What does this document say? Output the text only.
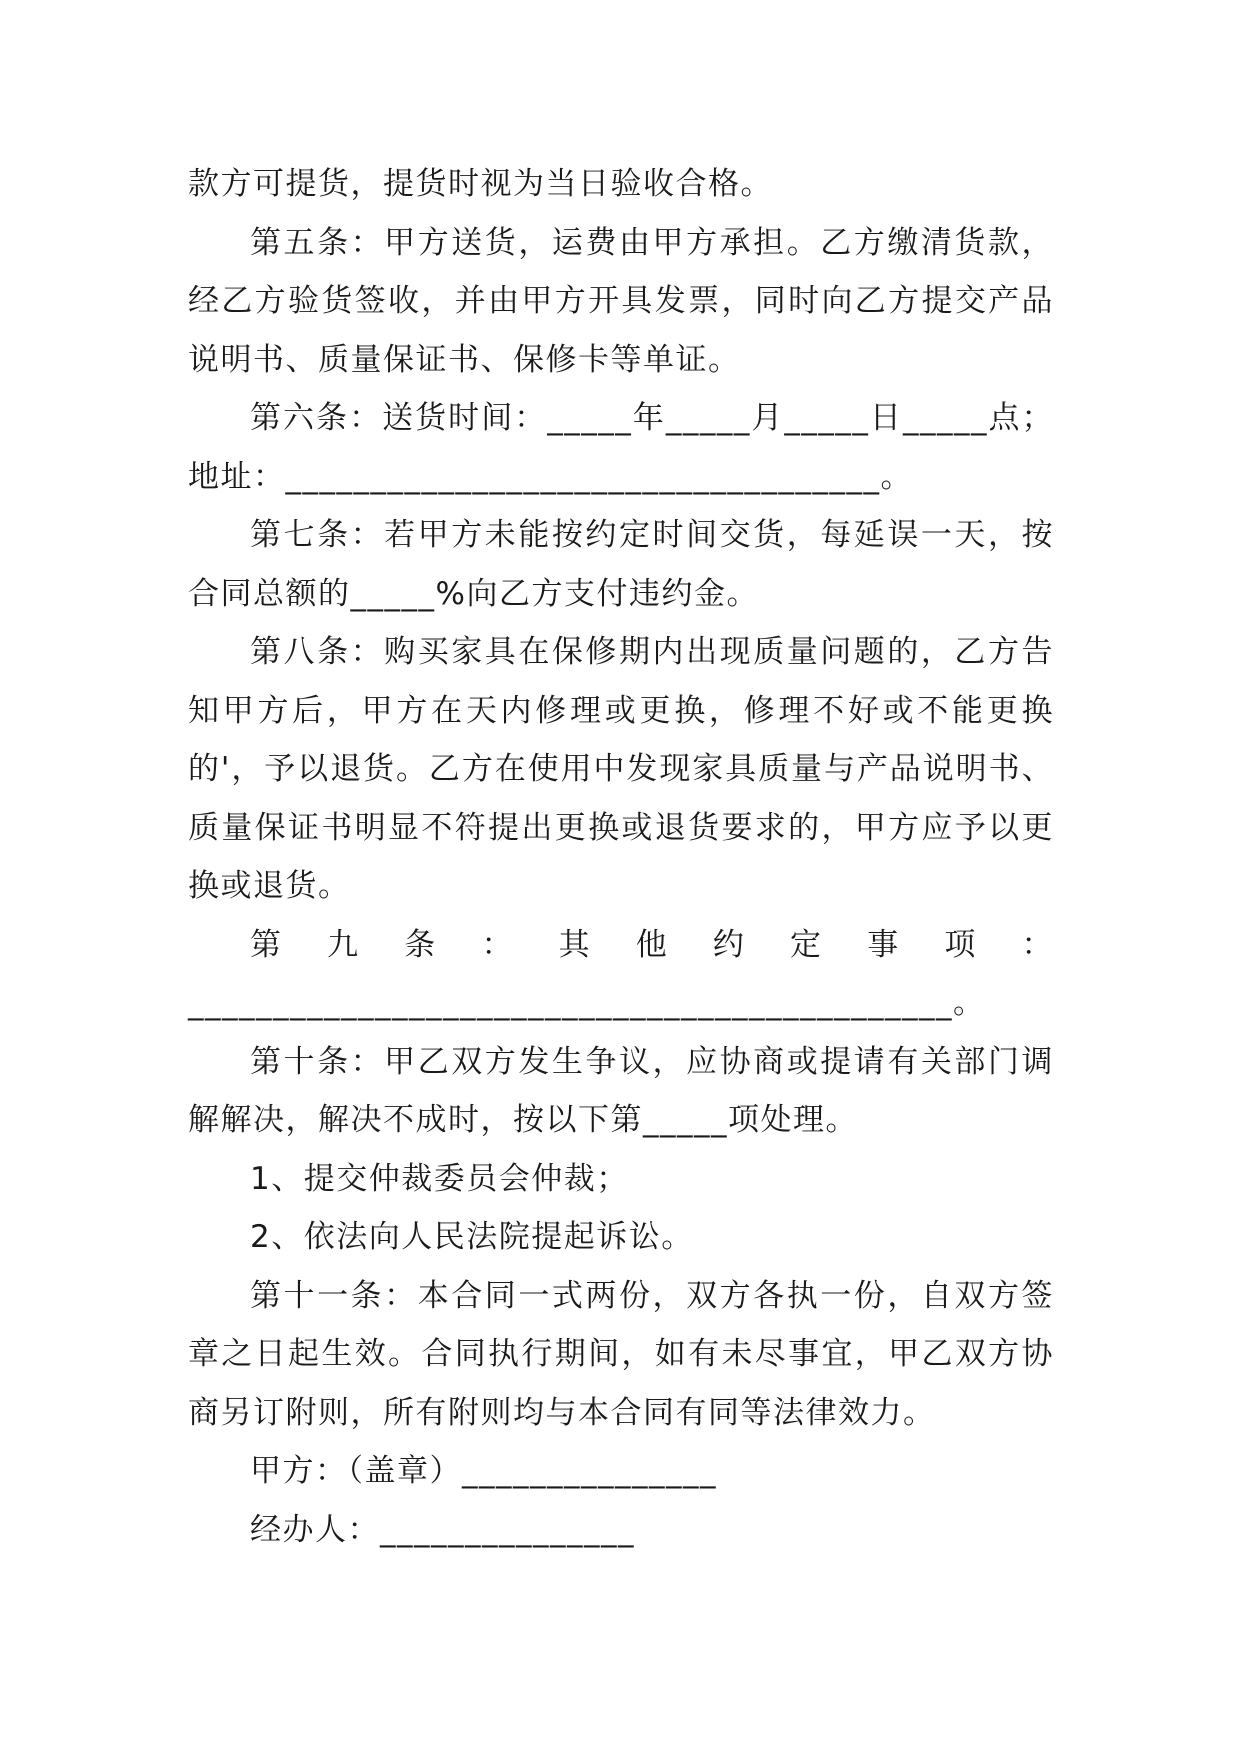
款方可提货，提货时视为当日验收合格。

第五条：甲方送货，运费由甲方承担。乙方缴清货款，经乙方验货签收，并由甲方开具发票，同时向乙方提交产品说明书、质量保证书、保修卡等单证。

第六条：送货时间：_____年_____月_____日_____点；地址：___________________________________。

第七条：若甲方未能按约定时间交货，每延误一天，按合同总额的_____%向乙方支付违约金。

第八条：购买家具在保修期内出现质量问题的，乙方告知甲方后，甲方在天内修理或更换，修理不好或不能更换的'，予以退货。乙方在使用中发现家具质量与产品说明书、质量保证书明显不符提出更换或退货要求的，甲方应予以更换或退货。

第九条：其他约定事项：

_____________________________________________。

第十条：甲乙双方发生争议，应协商或提请有关部门调解解决，解决不成时，按以下第_____项处理。

1、提交仲裁委员会仲裁；

2、依法向人民法院提起诉讼。

第十一条：本合同一式两份，双方各执一份，自双方签章之日起生效。合同执行期间，如有未尽事宜，甲乙双方协商另订附则，所有附则均与本合同有同等法律效力。

甲方：（盖章）_______________

经办人：_______________
